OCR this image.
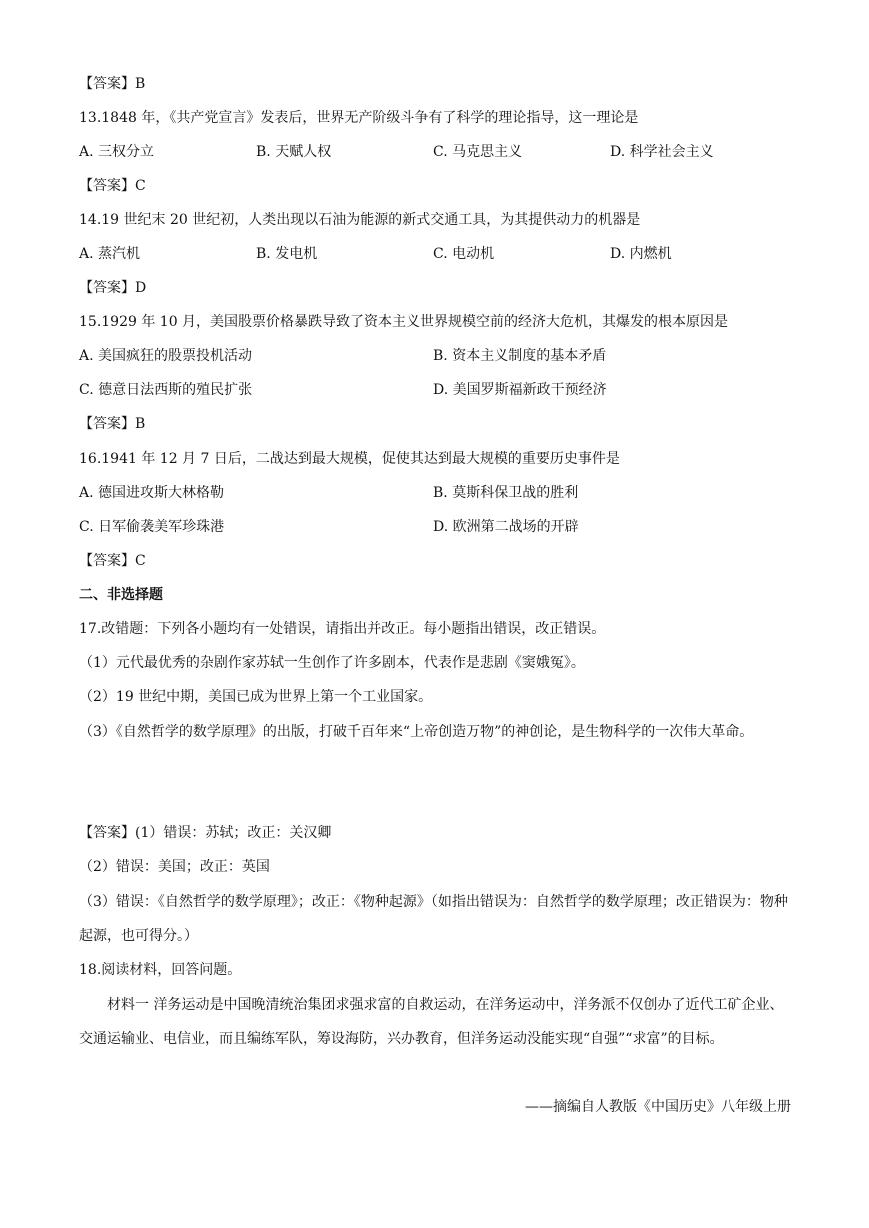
【答案】B
13.1848 年，《共产党宣言》发表后，世界无产阶级斗争有了科学的理论指导，这一理论是
A. 三权分立	B. 天赋人权	C. 马克思主义	D. 科学社会主义
【答案】C
14.19 世纪末 20 世纪初，人类出现以石油为能源的新式交通工具，为其提供动力的机器是
A. 蒸汽机	B. 发电机	C. 电动机	D. 内燃机
【答案】D
15.1929 年 10 月，美国股票价格暴跌导致了资本主义世界规模空前的经济大危机，其爆发的根本原因是
A. 美国疯狂的股票投机活动	B. 资本主义制度的基本矛盾
C. 德意日法西斯的殖民扩张	D. 美国罗斯福新政干预经济
【答案】B
16.1941 年 12 月 7 日后，二战达到最大规模，促使其达到最大规模的重要历史事件是
A. 德国进攻斯大林格勒	B. 莫斯科保卫战的胜利
C. 日军偷袭美军珍珠港	D. 欧洲第二战场的开辟
【答案】C
二、非选择题
17.改错题：下列各小题均有一处错误，请指出并改正。每小题指出错误，改正错误。
（1）元代最优秀的杂剧作家苏轼一生创作了许多剧本，代表作是悲剧《窦娥冤》。
（2）19 世纪中期，美国已成为世界上第一个工业国家。
（3）《自然哲学的数学原理》的出版，打破千百年来“上帝创造万物”的神创论，是生物科学的一次伟大革命。
【答案】(1）错误：苏轼；改正：关汉卿
（2）错误：美国；改正：英国
（3）错误：《自然哲学的数学原理》；改正：《物种起源》（如指出错误为：自然哲学的数学原理；改正错误为：物种起源，也可得分。）
18.阅读材料，回答问题。
材料一 洋务运动是中国晚清统治集团求强求富的自救运动，在洋务运动中，洋务派不仅创办了近代工矿企业、交通运输业、电信业，而且编练军队，筹设海防，兴办教育，但洋务运动没能实现“自强”“求富”的目标。
——摘编自人教版《中国历史》八年级上册
